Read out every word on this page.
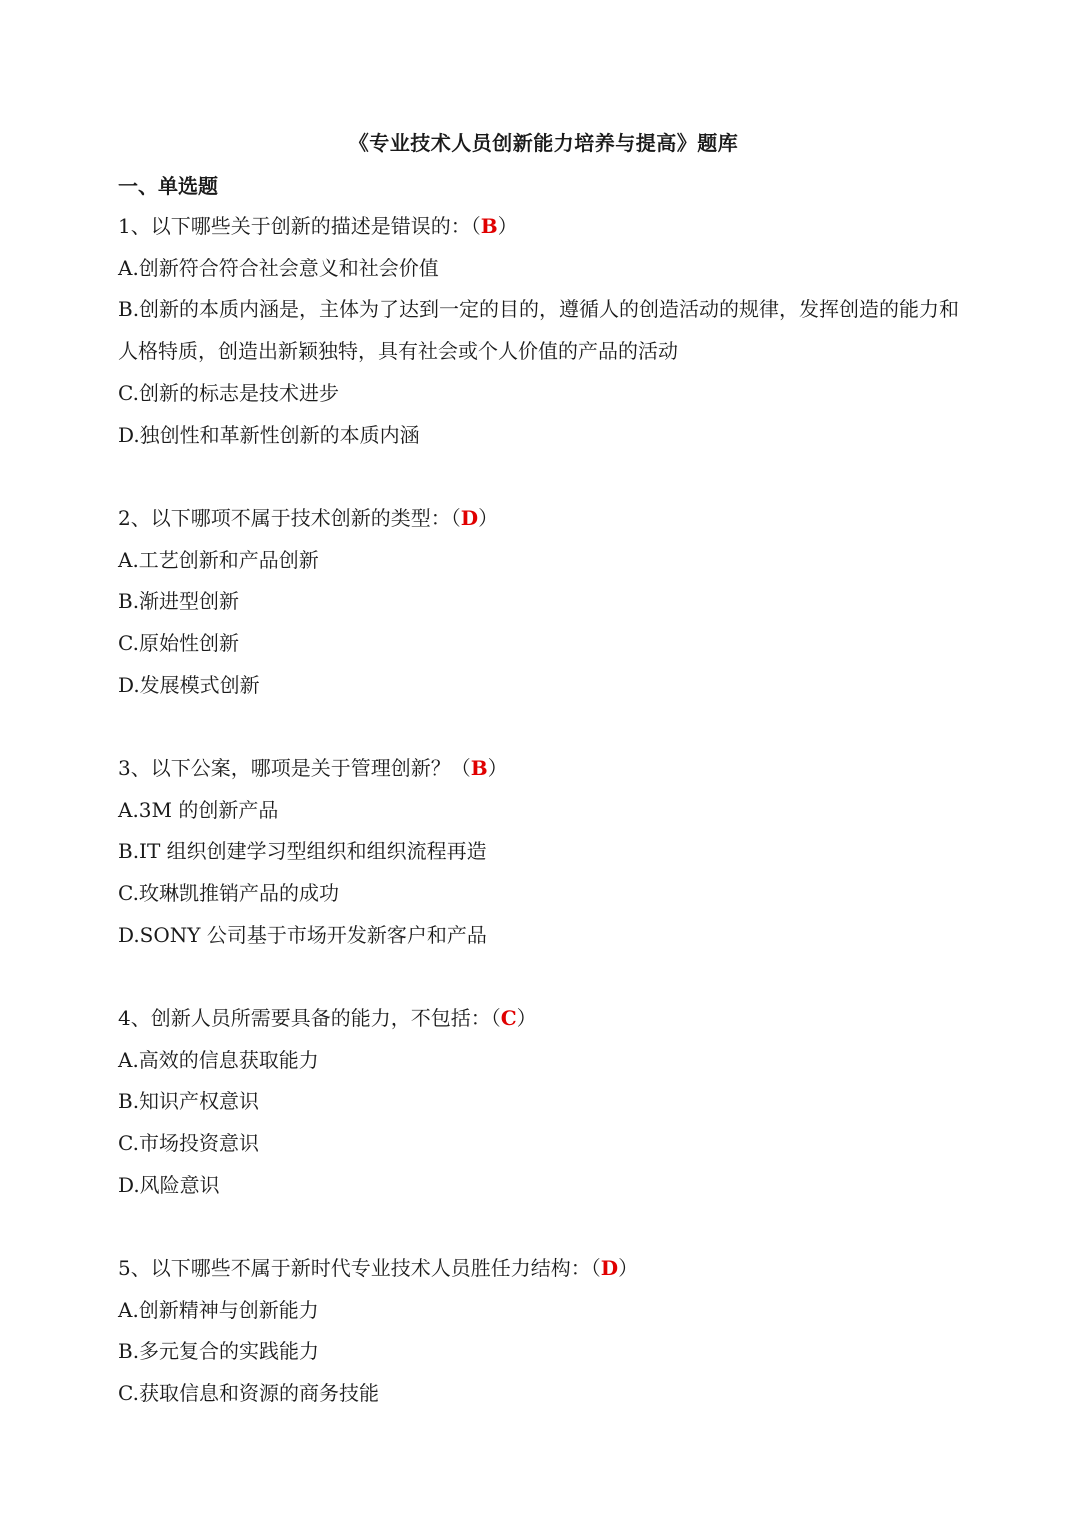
《专业技术人员创新能力培养与提高》题库
一、单选题
1、以下哪些关于创新的描述是错误的：（B）
A.创新符合符合社会意义和社会价值
B.创新的本质内涵是，主体为了达到一定的目的，遵循人的创造活动的规律，发挥创造的能力和人格特质，创造出新颖独特，具有社会或个人价值的产品的活动
C.创新的标志是技术进步
D.独创性和革新性创新的本质内涵
2、以下哪项不属于技术创新的类型：（D）
A.工艺创新和产品创新
B.渐进型创新
C.原始性创新
D.发展模式创新
3、以下公案，哪项是关于管理创新？（B）
A.3M 的创新产品
B.IT 组织创建学习型组织和组织流程再造
C.玫琳凯推销产品的成功
D.SONY 公司基于市场开发新客户和产品
4、创新人员所需要具备的能力，不包括：（C）
A.高效的信息获取能力
B.知识产权意识
C.市场投资意识
D.风险意识
5、以下哪些不属于新时代专业技术人员胜任力结构：（D）
A.创新精神与创新能力
B.多元复合的实践能力
C.获取信息和资源的商务技能
